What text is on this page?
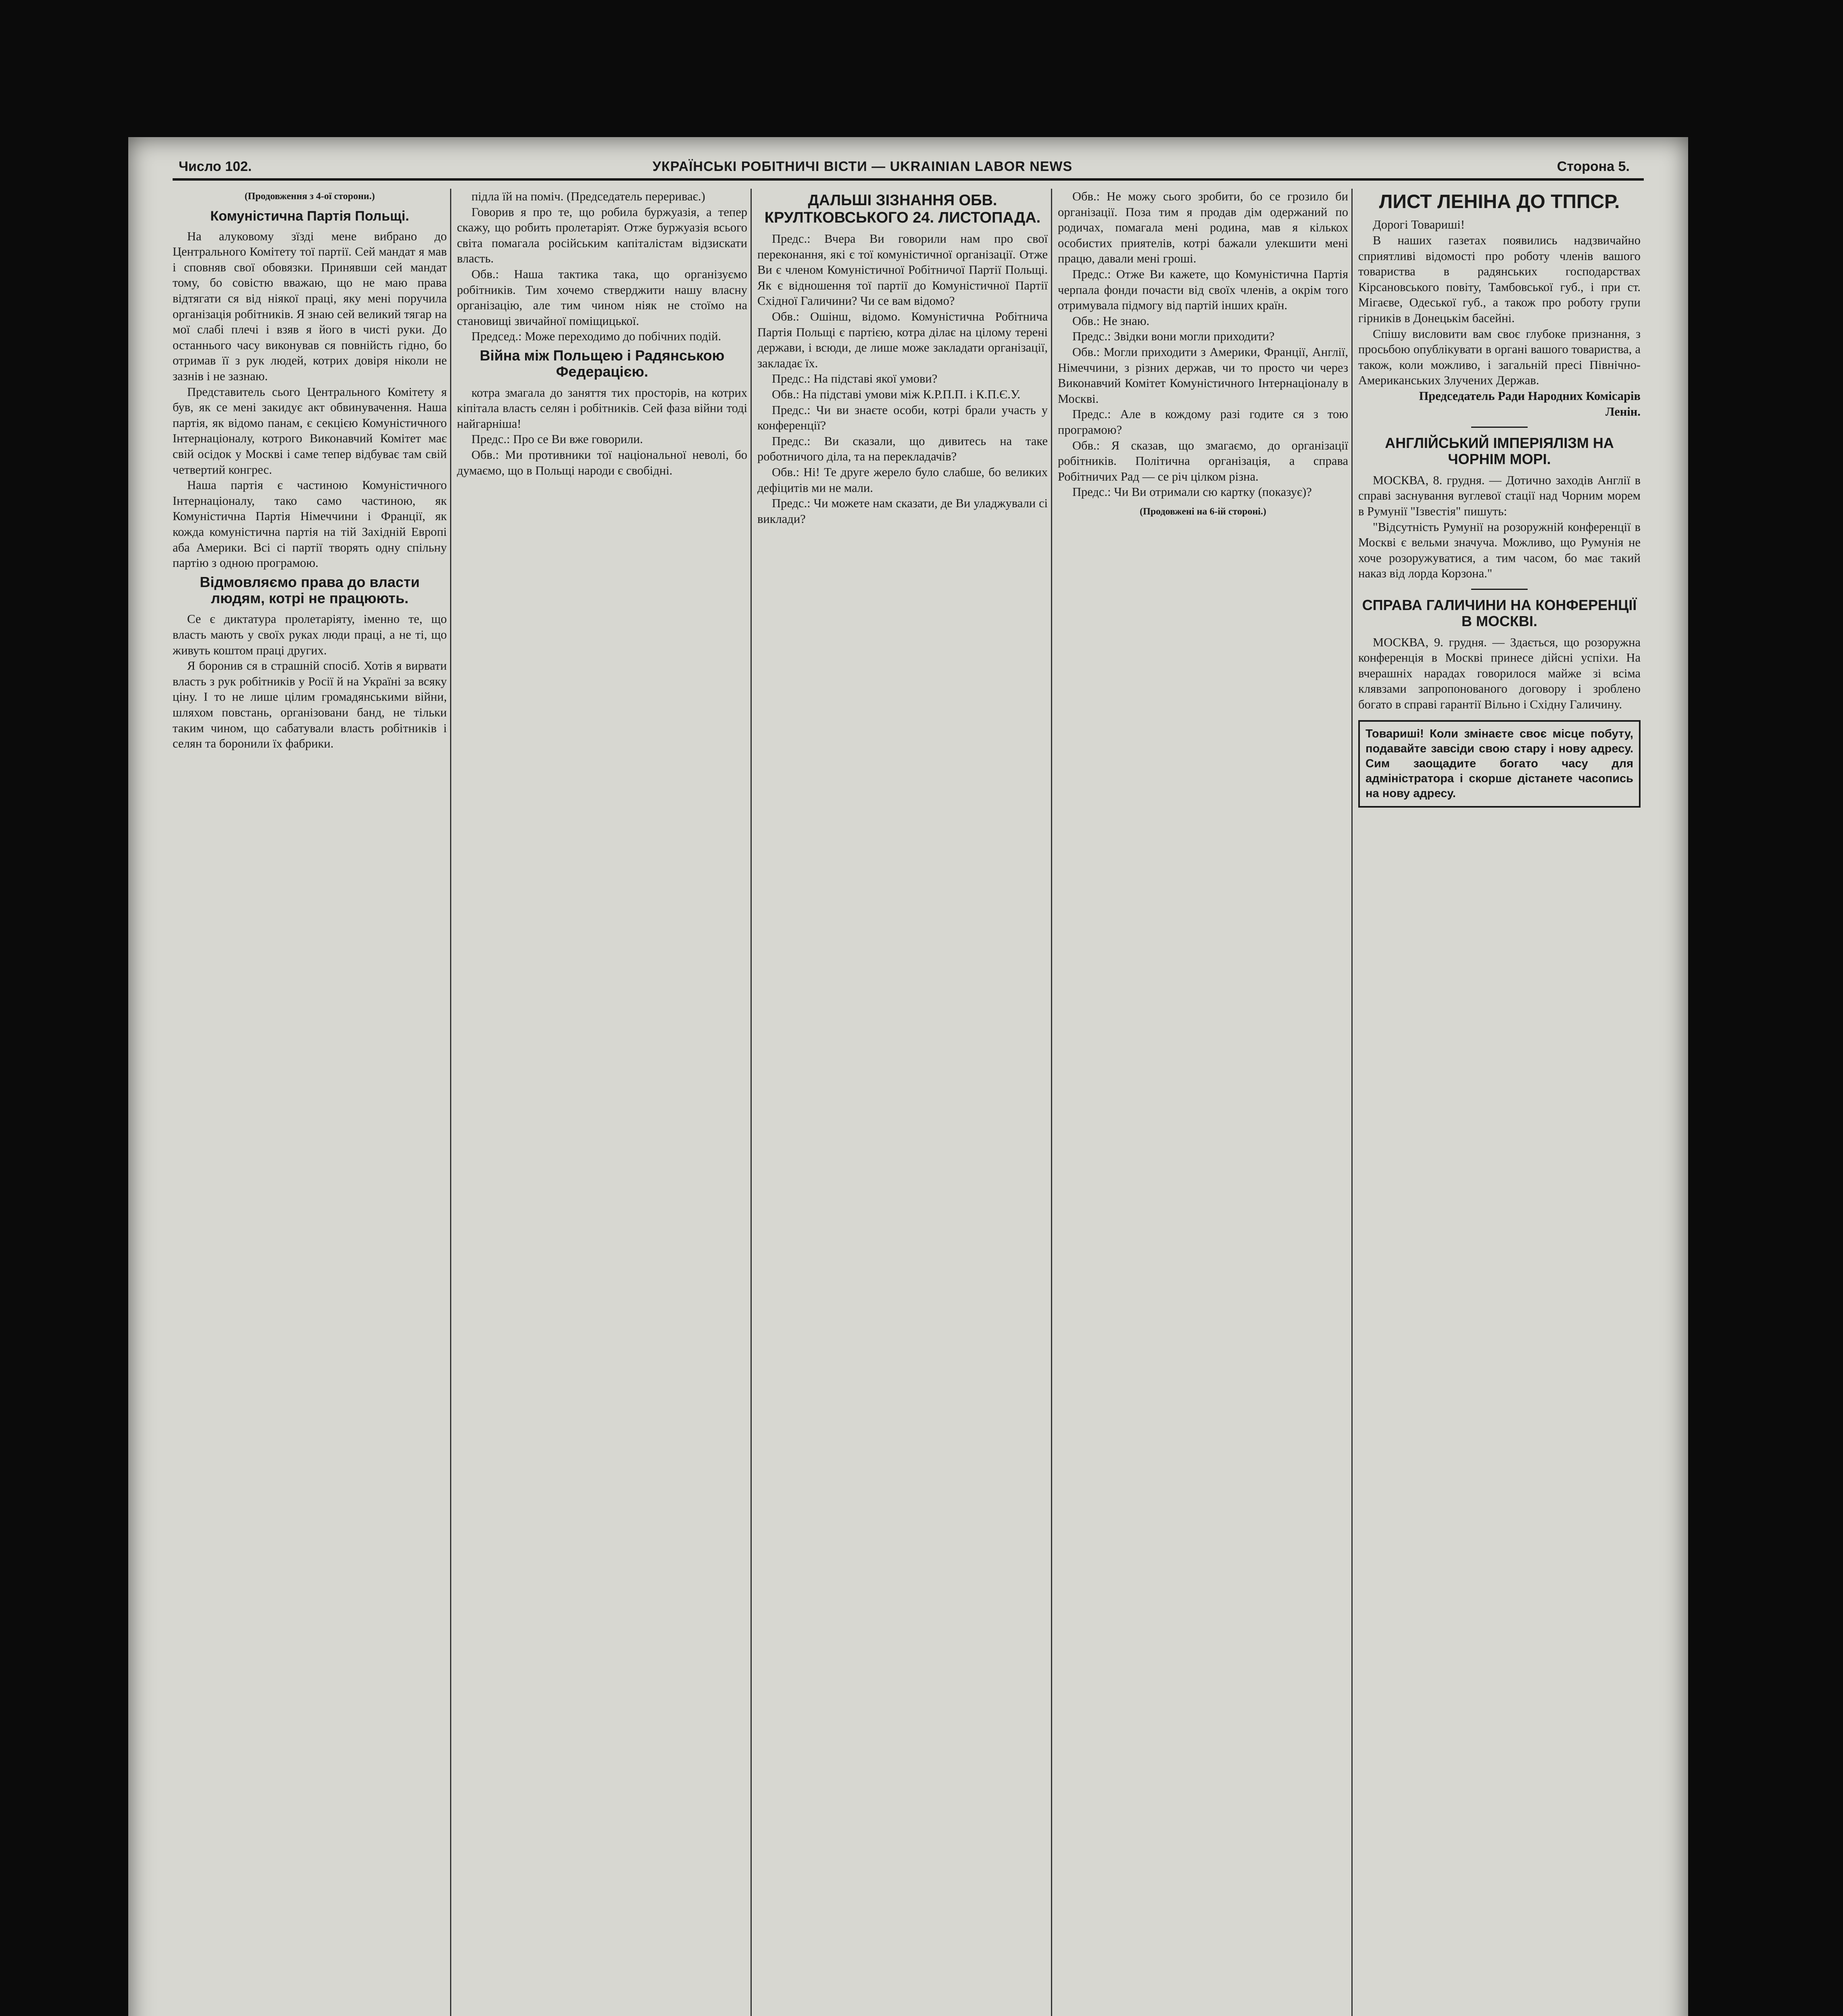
Число 102.	УКРАЇНСЬКІ РОБІТНИЧІ ВІСТИ — UKRAINIAN LABOR NEWS	Сторона 5.
(Продовження з 4-ої сторони.)
Комуністична Партія Польщі.

На алуковому зїзді мене вибрано до Центрального Комітету тої партії. Сей мандат я мав і сповняв свої обовязки. Принявши сей мандат тому, бо совістю вважаю, що не маю права відтягати ся від ніякої праці, яку мені поручила організація робітників. Я знаю сей великий тягар на мої слабі плечі і взяв я його в чисті руки. До останнього часу виконував ся повнійсть гідно, бо отримав її з рук людей, котрих довіря ніколи не зазнів і не зазнаю.

Представитель сього Центрального Комітету я був, як се мені закидує акт обвинувачення. Наша партія, як відомо панам, є секцією Комуністичного Інтернаціоналу, котрого Виконавчий Комітет має свій осідок у Москві і саме тепер відбуває там свій четвертий конгрес.

Наша партія є частиною Комуністичного Інтернаціоналу, тако само частиною, як Комуністична Партія Німеччини і Франції, як кожда комуністична партія на тій Західній Европі аба Америки. Всі сі партії творять одну спільну партію з одною програмою.

Відмовляємо права до власти людям, котрі не працюють.

Се є диктатура пролетаріяту, іменно те, що власть мають у своїх руках люди праці, а не ті, що живуть коштом праці других.

Я боронив ся в страшній спосіб. Хотів я вирвати власть з рук робітників у Росії й на Україні за всяку ціну. І то не лише цілим громадянськими війни, шляхом повстань, організовани банд, не тільки таким чином, що сабатували власть робітників і селян та боронили їх фабрики.

підла їй на поміч. (Председатель перериває.)

Говорив я про те, що робила буржуазія, а тепер скажу, що робить пролетаріят. Отже буржуазія всього світа помагала російським капіталістам відзискати власть.

Обв.: Наша тактика така, що організуємо робітників. Тим хочемо стверджити нашу власну організацію, але тим чином ніяк не стоїмо на становищі звичайної поміщицької.

Председ.: Може переходимо до побічних подій.

Війна між Польщею і Радянською Федерацією.

котра змагала до заняття тих просторів, на котрих кіпітала власть селян і робітників. Сей фаза війни тоді найгарніша!

Предс.: Про се Ви вже говорили.

Обв.: Ми противники тої національної неволі, бо думаємо, що в Польщі народи є свобідні.

ДАЛЬШІ ЗІЗНАННЯ ОБВ. КРУЛТКОВСЬКОГО 24. ЛИСТОПАДА.

Предс.: Вчера Ви говорили нам про свої переконання, які є тої комуністичної організації. Отже Ви є членом Комуністичної Робітничої Партії Польщі. Як є відношення тої партії до Комуністичної Партії Східної Галичини? Чи се вам відомо?

Обв.: Ошінш, відомо. Комуністична Робітнича Партія Польщі є партією, котра ділає на цілому терені держави, і всюди, де лише може закладати організації, закладає їх.

Предс.: На підставі якої умови?

Обв.: На підставі умови між К.Р.П.П. і К.П.Є.У.

Предс.: Чи ви знаєте особи, котрі брали участь у конференції?

Предс.: Ви сказали, що дивитесь на таке роботничого діла, та на перекладачів?

Обв.: Ні! Те друге жерело було слабше, бо великих дефіцитів ми не мали.

Предс.: Чи можете нам сказати, де Ви уладжували сі виклади?

Обв.: Не можу сього зробити, бо се грозило би організації. Поза тим я продав дім одержаний по родичах, помагала мені родина, мав я кількох особистих приятелів, котрі бажали улекшити мені працю, давали мені гроші.

Предс.: Отже Ви кажете, що Комуністична Партія черпала фонди почасти від своїх членів, а окрім того отримувала підмогу від партій інших країн.

Обв.: Не знаю.

Предс.: Звідки вони могли приходити?

Обв.: Могли приходити з Америки, Франції, Англії, Німеччини, з різних держав, чи то просто чи через Виконавчий Комітет Комуністичного Інтернаціоналу в Москві.

Предс.: Але в кождому разі годите ся з тою програмою?

Обв.: Я сказав, що змагаємо, до організації робітників. Політична організація, а справа Робітничих Рад — се річ цілком різна.

Предс.: Чи Ви отримали сю картку (показує)?

(Продовжені на 6-ій стороні.)
ЛИСТ ЛЕНІНА ДО ТППСР.

Дорогі Товариші!

В наших газетах появились надзвичайно сприятливі відомості про роботу членів вашого товариства в радянських господарствах Кірсановського повіту, Тамбовської губ., і при ст. Мігаєве, Одеської губ., а також про роботу групи гірників в Донецькім басейні.

Спішу висловити вам своє глубоке признання, з просьбою опублікувати в органі вашого товариства, а також, коли можливо, і загальній пресі Північно-Американських Злучених Держав.

Председатель Ради Народних Комісарів

Ленін.

АНГЛІЙСЬКИЙ ІМПЕРІЯЛІЗМ НА ЧОРНІМ МОРІ.

МОСКВА, 8. грудня. — Дотично заходів Англії в справі заснування вуглевої стації над Чорним морем в Румунії "Ізвестія" пишуть:

"Відсутність Румунії на розоружній конференції в Москві є вельми значуча. Можливо, що Румунія не хоче розоружуватися, а тим часом, бо має такий наказ від лорда Корзона."

СПРАВА ГАЛИЧИНИ НА КОНФЕРЕНЦІЇ В МОСКВІ.

МОСКВА, 9. грудня. — Здається, що розоружна конференція в Москві принесе дійсні успіхи. На вчерашніх нарадах говорилося майже зі всіма клявзами запропонованого договору і зроблено богато в справі гарантії Вільно і Східну Галичину.

Товариші! Коли змінаєте своє місце побуту, подавайте завсіди свою стару і нову адресу. Сим заощадите богато часу для адміністратора і скорше дістанете часопись на нову адресу.
